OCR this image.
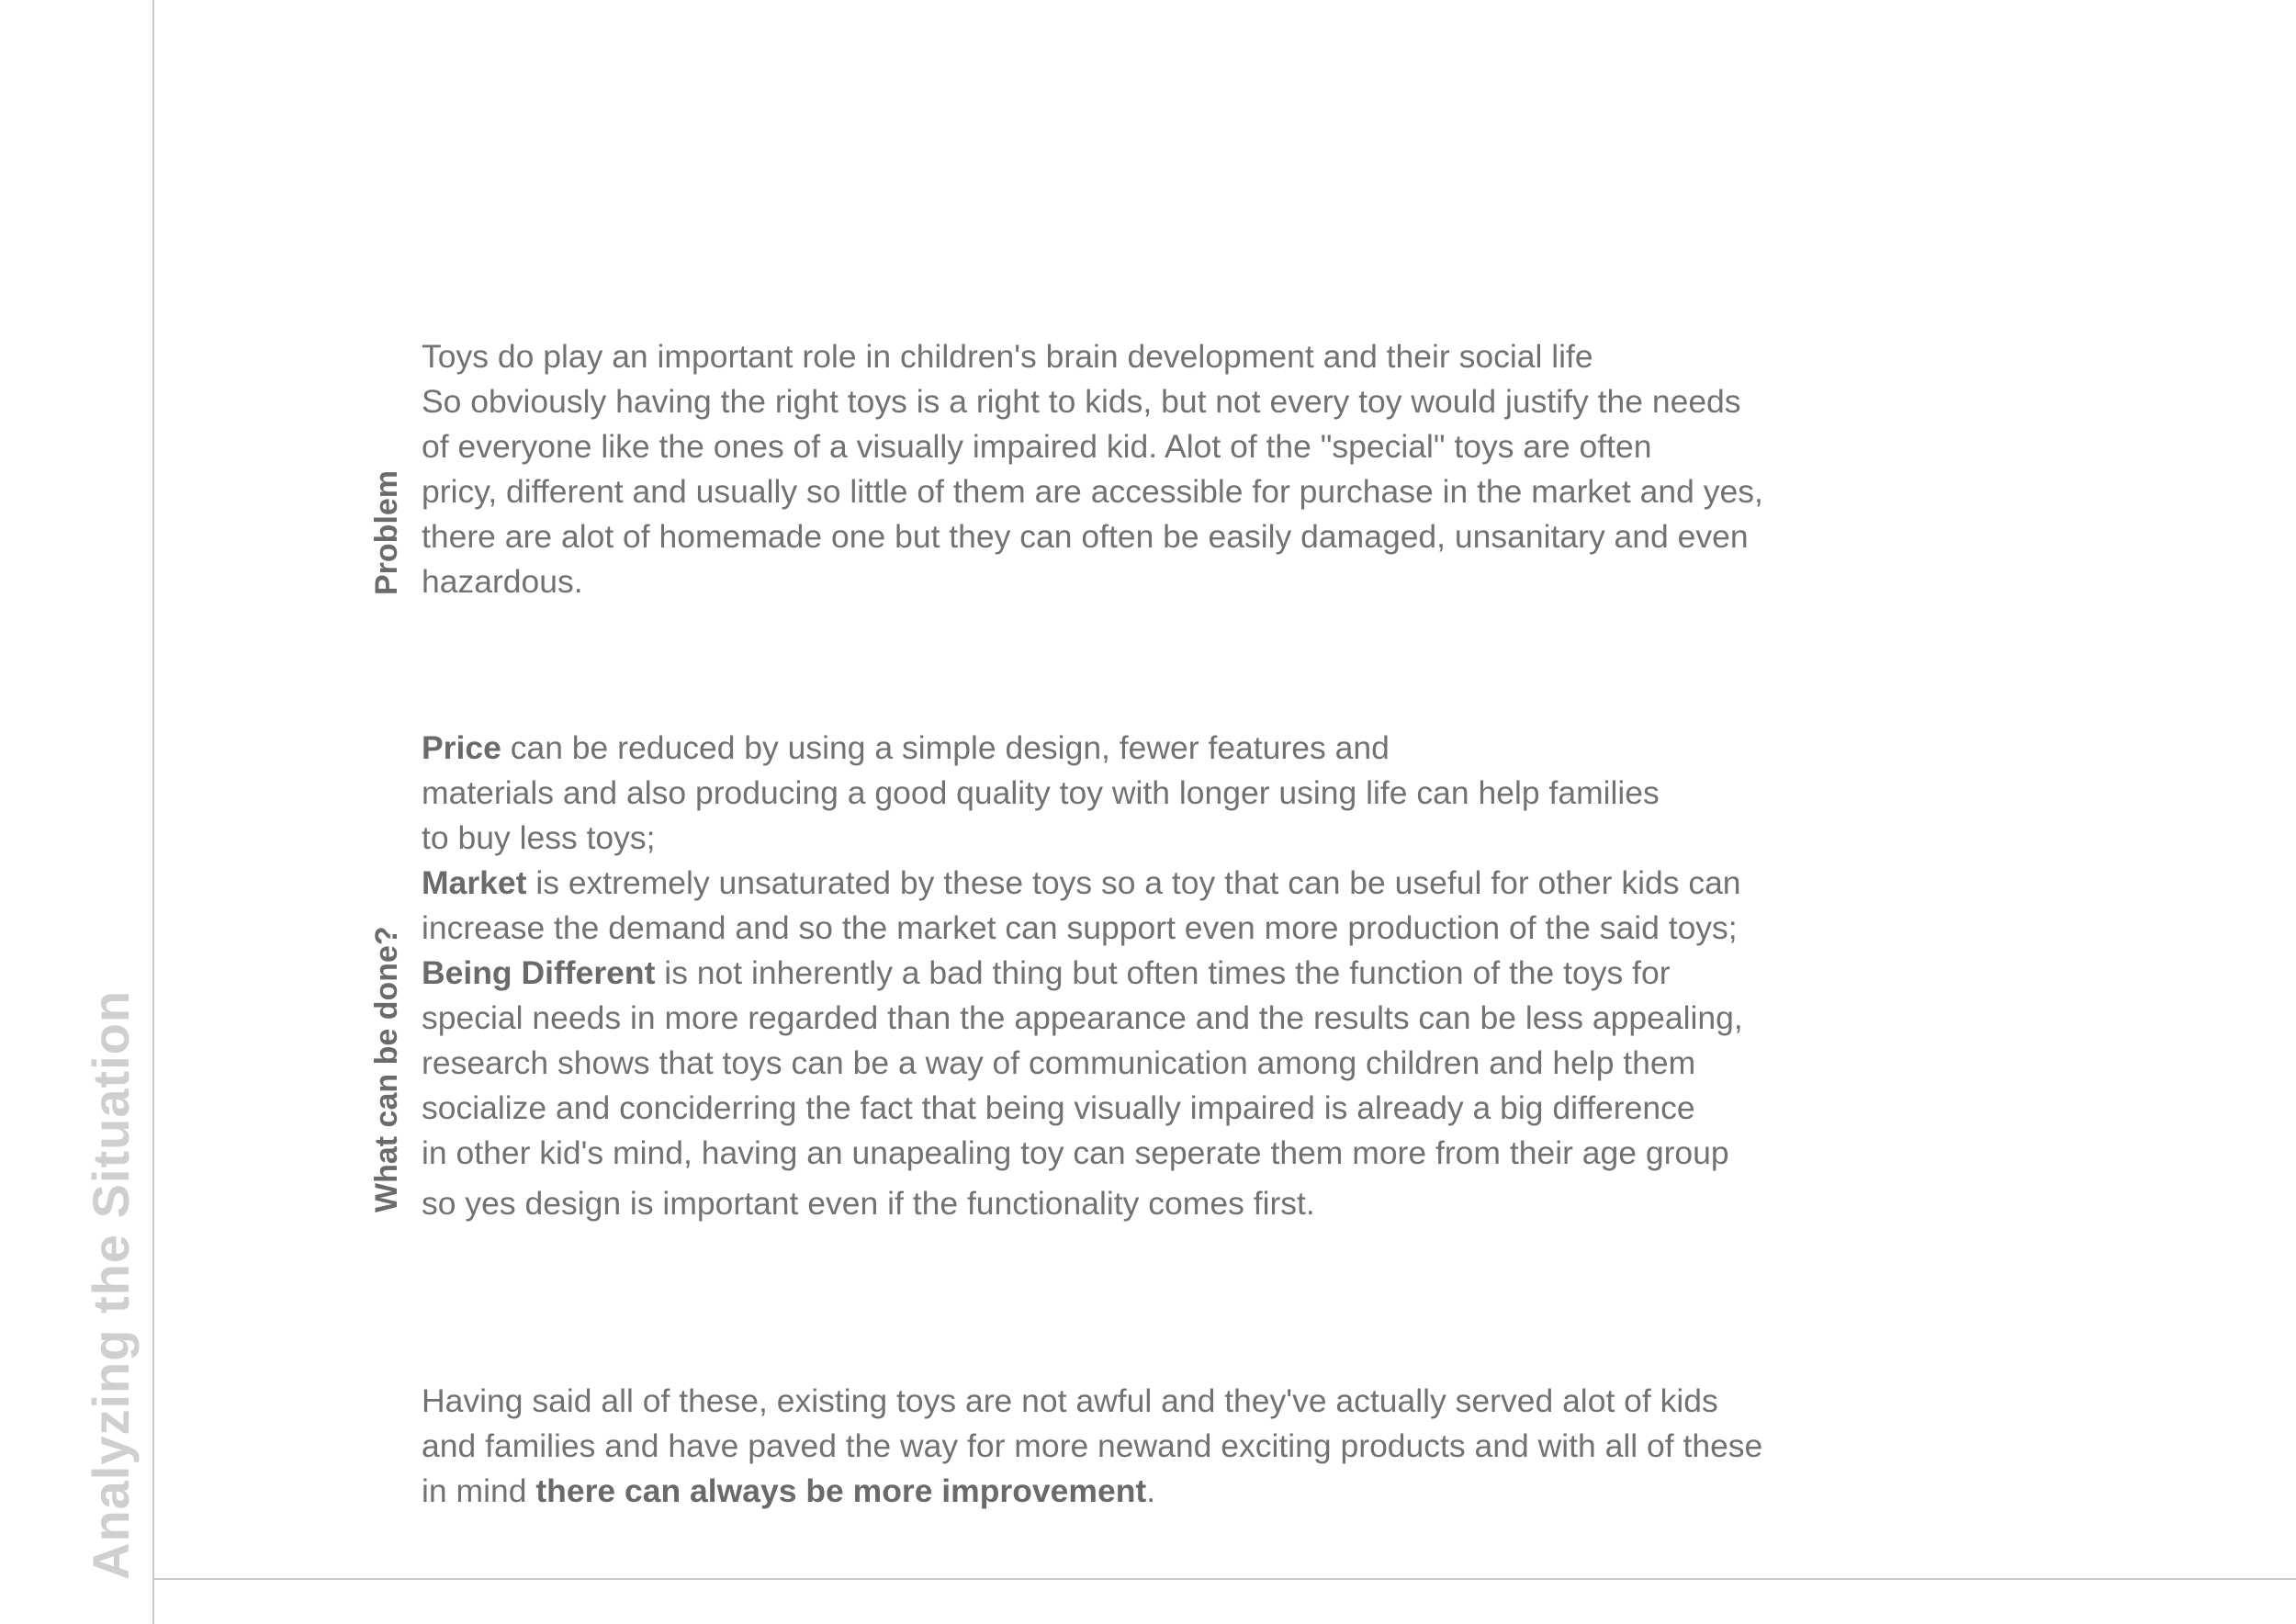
Analyzing the Situation
Problem
What can be done?
Toys do play an important role in children's brain development and their social life
So obviously having the right toys is a right to kids, but not every toy would justify the needs
of everyone like the ones of a visually impaired kid. Alot of the "special" toys are often
pricy, different and usually so little of them are accessible for purchase in the market and yes,
there are alot of homemade one but they can often be easily damaged, unsanitary and even
hazardous.
Price can be reduced by using a simple design, fewer features and
materials and also producing a good quality toy with longer using life can help families
to buy less toys;
Market is extremely unsaturated by these toys so a toy that can be useful for other kids can
increase the demand and so the market can support even more production of the said toys;
Being Different is not inherently a bad thing but often times the function of the toys for
special needs in more regarded than the appearance and the results can be less appealing,
research shows that toys can be a way of communication among children and help them
socialize and conciderring the fact that being visually impaired is already a big difference
in other kid's mind, having an unapealing toy can seperate them more from their age group
so yes design is important even if the functionality comes first.
Having said all of these, existing toys are not awful and they've actually served alot of kids
and families and have paved the way for more newand exciting products and with all of these
in mind there can always be more improvement.
